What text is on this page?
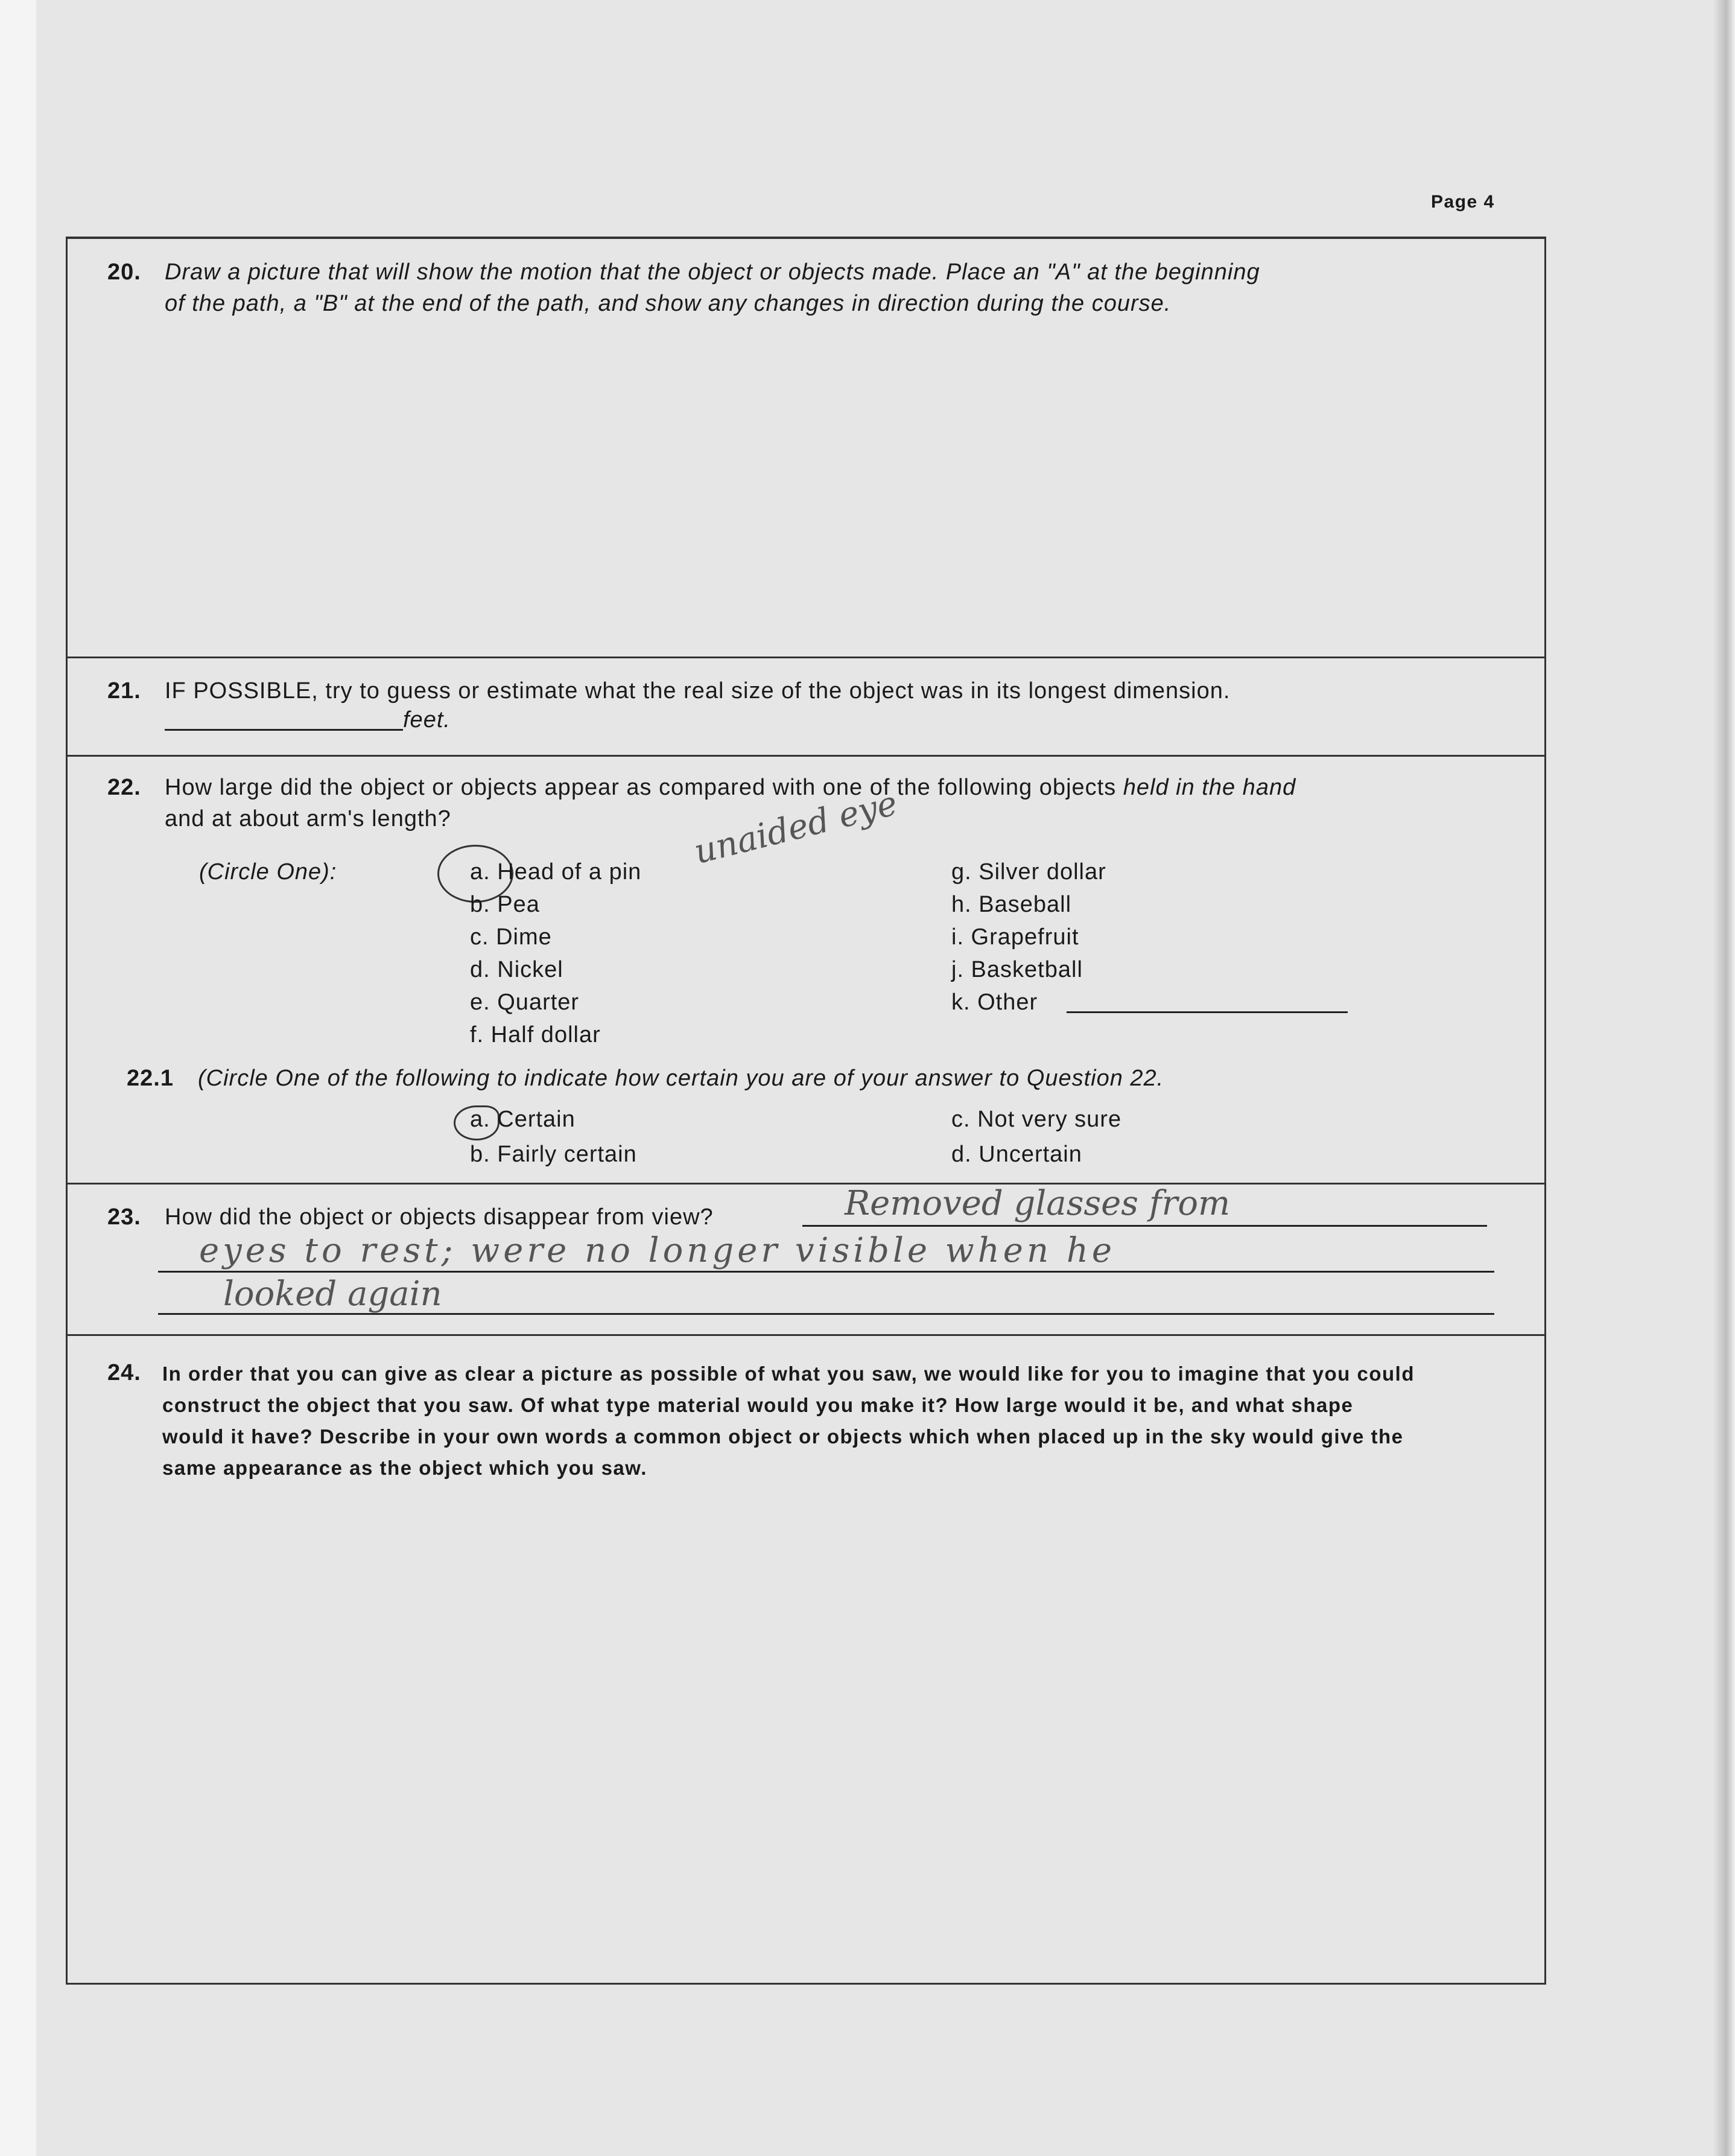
Page 4
20. Draw a picture that will show the motion that the object or objects made. Place an "A" at the beginning
of the path, a "B" at the end of the path, and show any changes in direction during the course.
21. IF POSSIBLE, try to guess or estimate what the real size of the object was in its longest dimension.
feet.
22. How large did the object or objects appear as compared with one of the following objects held in the hand
and at about arm's length?
(Circle One):	unaided eye
a. Head of a pin
b. Pea
c. Dime
d. Nickel
e. Quarter
f. Half dollar
g. Silver dollar
h. Baseball
i. Grapefruit
j. Basketball
k. Other
22.1 (Circle One of the following to indicate how certain you are of your answer to Question 22.
a. Certain
b. Fairly certain
c. Not very sure
d. Uncertain
23. How did the object or objects disappear from view?	Removed glasses from
eyes to rest; were no longer visible when he
looked again
24. In order that you can give as clear a picture as possible of what you saw, we would like for you to imagine that you could
construct the object that you saw. Of what type material would you make it? How large would it be, and what shape
would it have? Describe in your own words a common object or objects which when placed up in the sky would give the
same appearance as the object which you saw.
